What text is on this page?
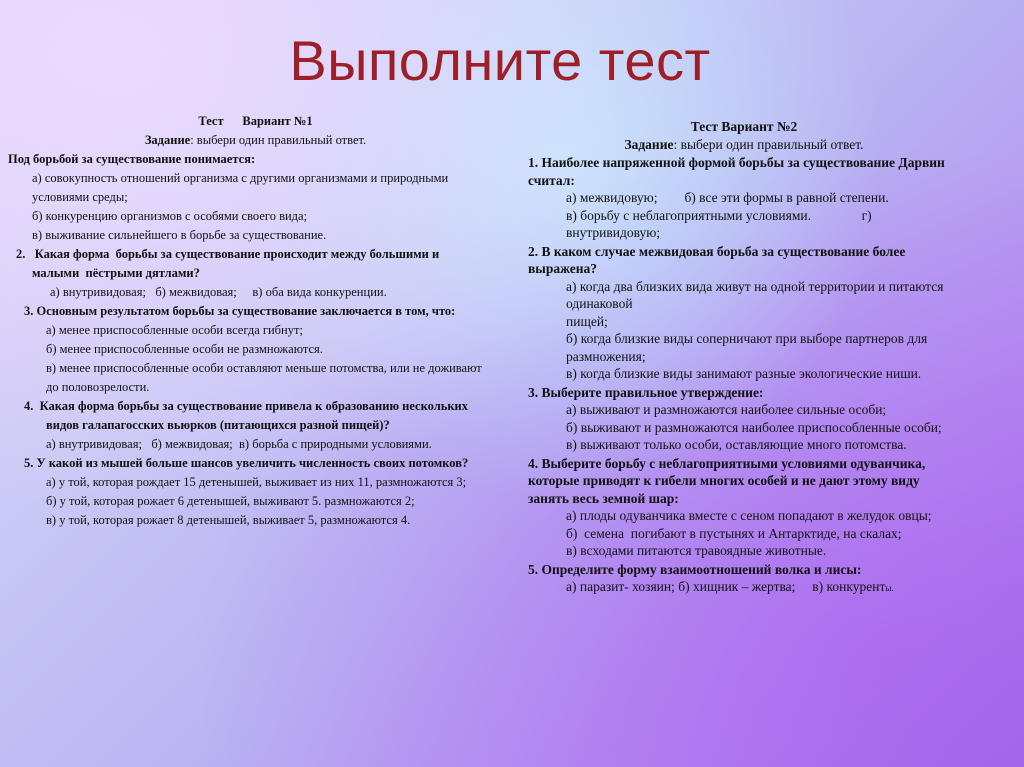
Выполните тест
Тест      Вариант №1
Задание: выбери один правильный ответ.
Под борьбой за существование понимается:
а) совокупность отношений организма с другими организмами и природными
условиями среды;
б) конкуренцию организмов с особями своего вида;
в) выживание сильнейшего в борьбе за существование.
2.   Какая форма  борьбы за существование происходит между большими и
малыми  пёстрыми дятлами?
а) внутривидовая;   б) межвидовая;     в) оба вида конкуренции.
3. Основным результатом борьбы за существование заключается в том, что:
а) менее приспособленные особи всегда гибнут;
б) менее приспособленные особи не размножаются.
в) менее приспособленные особи оставляют меньше потомства, или не доживают
до половозрелости.
4.  Какая форма борьбы за существование привела к образованию нескольких
видов галапагосских вьюрков (питающихся разной пищей)?
а) внутривидовая;   б) межвидовая;  в) борьба с природными условиями.
5. У какой из мышей больше шансов увеличить численность своих потомков?
а) у той, которая рождает 15 детенышей, выживает из них 11, размножаются 3;
б) у той, которая рожает 6 детенышей, выживают 5. размножаются 2;
в) у той, которая рожает 8 детенышей, выживает 5, размножаются 4.
Тест Вариант №2
Задание: выбери один правильный ответ.
1. Наиболее напряженной формой борьбы за существование Дарвин считал:
а) межвидовую;        б) все эти формы в равной степени.
в) борьбу с неблагоприятными условиями.               г) внутривидовую;
2. В каком случае межвидовая борьба за существование более выражена?
а) когда два близких вида живут на одной территории и питаются одинаковой
пищей;
б) когда близкие виды соперничают при выборе партнеров для размножения;
в) когда близкие виды занимают разные экологические ниши.
3. Выберите правильное утверждение:
а) выживают и размножаются наиболее сильные особи;
б) выживают и размножаются наиболее приспособленные особи;
в) выживают только особи, оставляющие много потомства.
4. Выберите борьбу с неблагоприятными условиями одуванчика, которые приводят к гибели многих особей и не дают этому виду занять весь земной шар:
а) плоды одуванчика вместе с сеном попадают в желудок овцы;
б)  семена  погибают в пустынях и Антарктиде, на скалах;
в) всходами питаются травоядные животные.
5. Определите форму взаимоотношений волка и лисы:
а) паразит- хозяин; б) хищник – жертва;     в) конкуренты.
